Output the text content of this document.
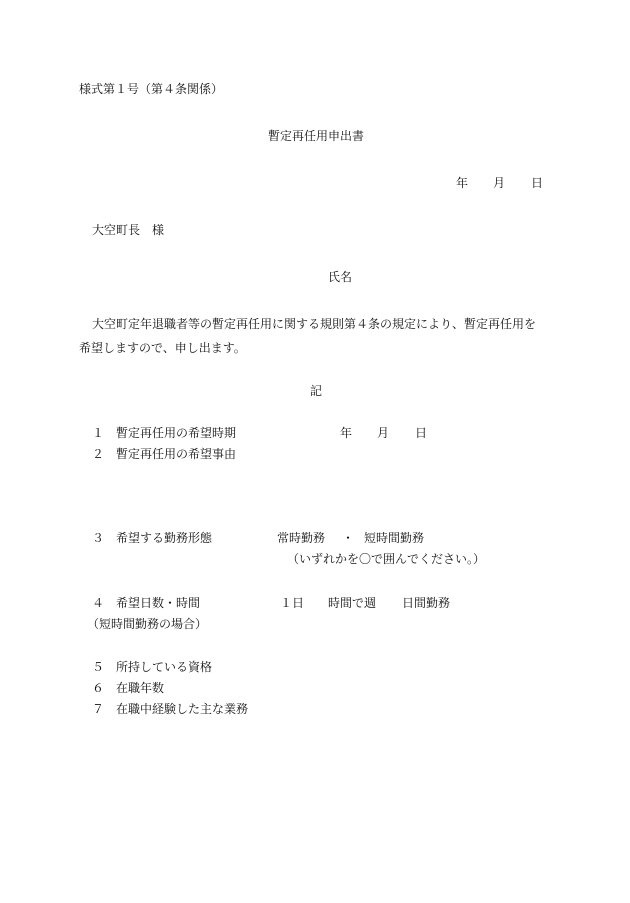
様式第１号（第４条関係）
暫定再任用申出書
年 月 日
大空町長　様
氏名
大空町定年退職者等の暫定再任用に関する規則第４条の規定により、暫定再任用を
希望しますので、申し出ます。
記
１ 暫定再任用の希望時期	年 月 日
２ 暫定再任用の希望事由
３ 希望する勤務形態	常時勤務 ・ 短時間勤務
（いずれかを〇で囲んでください。）
４ 希望日数・時間	１日 時間で週 日間勤務
（短時間勤務の場合）
５ 所持している資格
６ 在職年数
７ 在職中経験した主な業務
